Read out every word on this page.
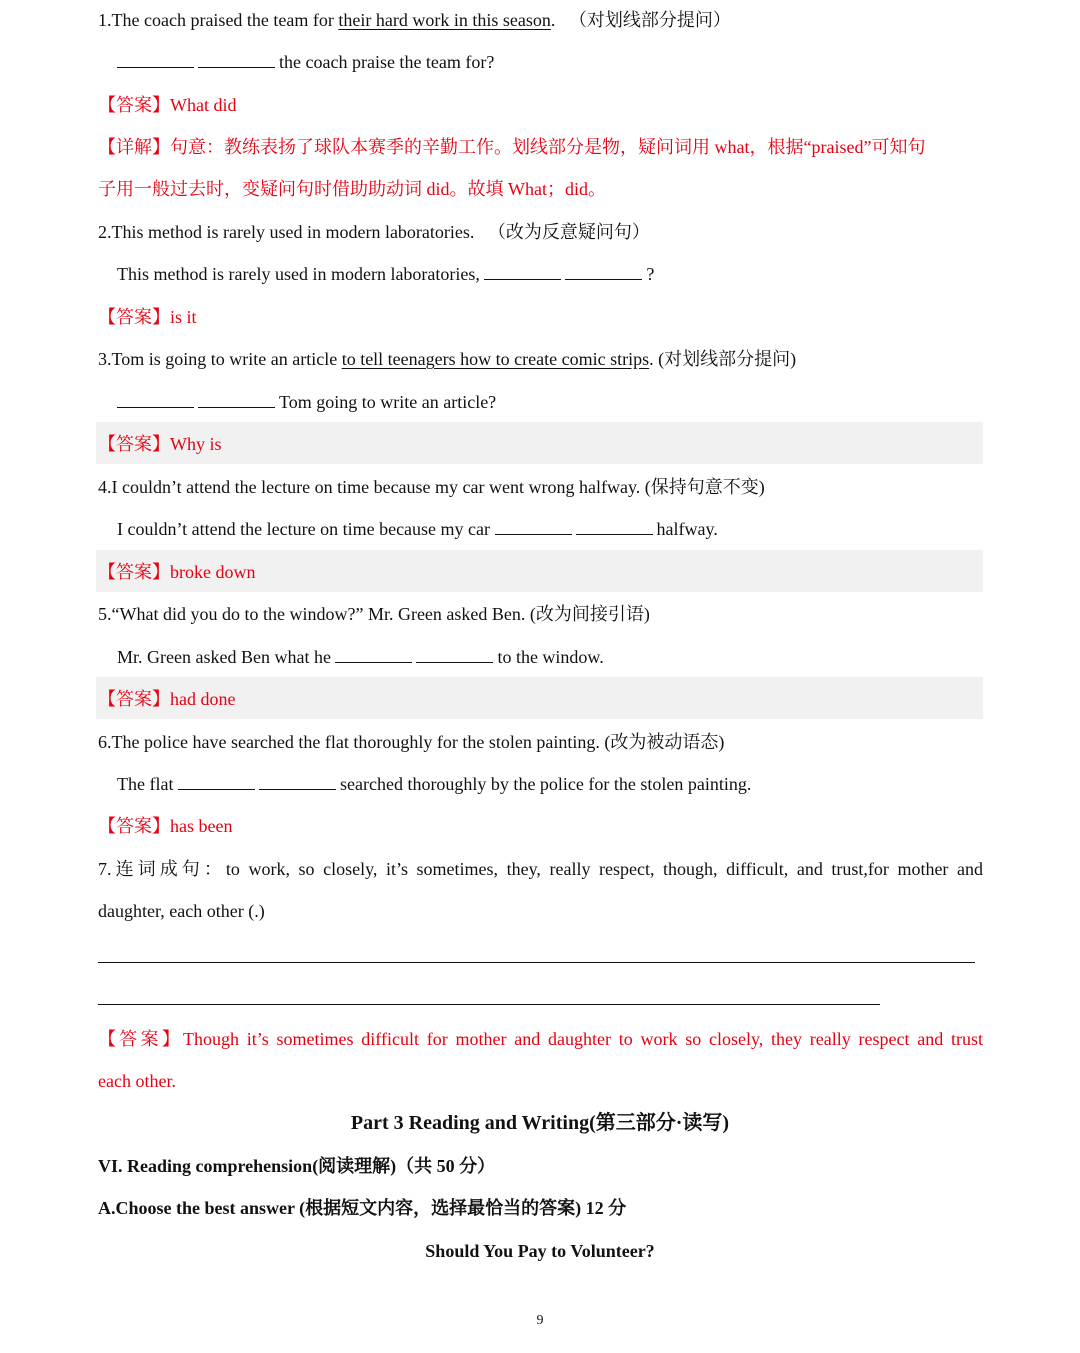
1.The coach praised the team for their hard work in this season. （对划线部分提问）
the coach praise the team for?
【答案】What did
【详解】句意：教练表扬了球队本赛季的辛勤工作。划线部分是物，疑问词用 what，根据“praised”可知句
子用一般过去时，变疑问句时借助助动词 did。故填 What；did。
2.This method is rarely used in modern laboratories. （改为反意疑问句）
This method is rarely used in modern laboratories,	?
【答案】is it
3.Tom is going to write an article to tell teenagers how to create comic strips. (对划线部分提问)
Tom going to write an article?
【答案】Why is
4.I couldn’t attend the lecture on time because my car went wrong halfway. (保持句意不变)
I couldn’t attend the lecture on time because my car	halfway.
【答案】broke down
5.“What did you do to the window?” Mr. Green asked Ben. (改为间接引语)
Mr. Green asked Ben what he	to the window.
【答案】had done
6.The police have searched the flat thoroughly for the stolen painting. (改为被动语态)
The flat	searched thoroughly by the police for the stolen painting.
【答案】has been
7.连词成句：to work, so closely, it’s sometimes, they, really respect, though, difficult, and trust,for mother and
daughter, each other (.)
【答案】Though it’s sometimes difficult for mother and daughter to work so closely, they really respect and trust
each other.
Part 3 Reading and Writing(第三部分·读写)
VI. Reading comprehension(阅读理解)（共 50 分）
A.Choose the best answer (根据短文内容，选择最恰当的答案) 12 分
Should You Pay to Volunteer?
9
